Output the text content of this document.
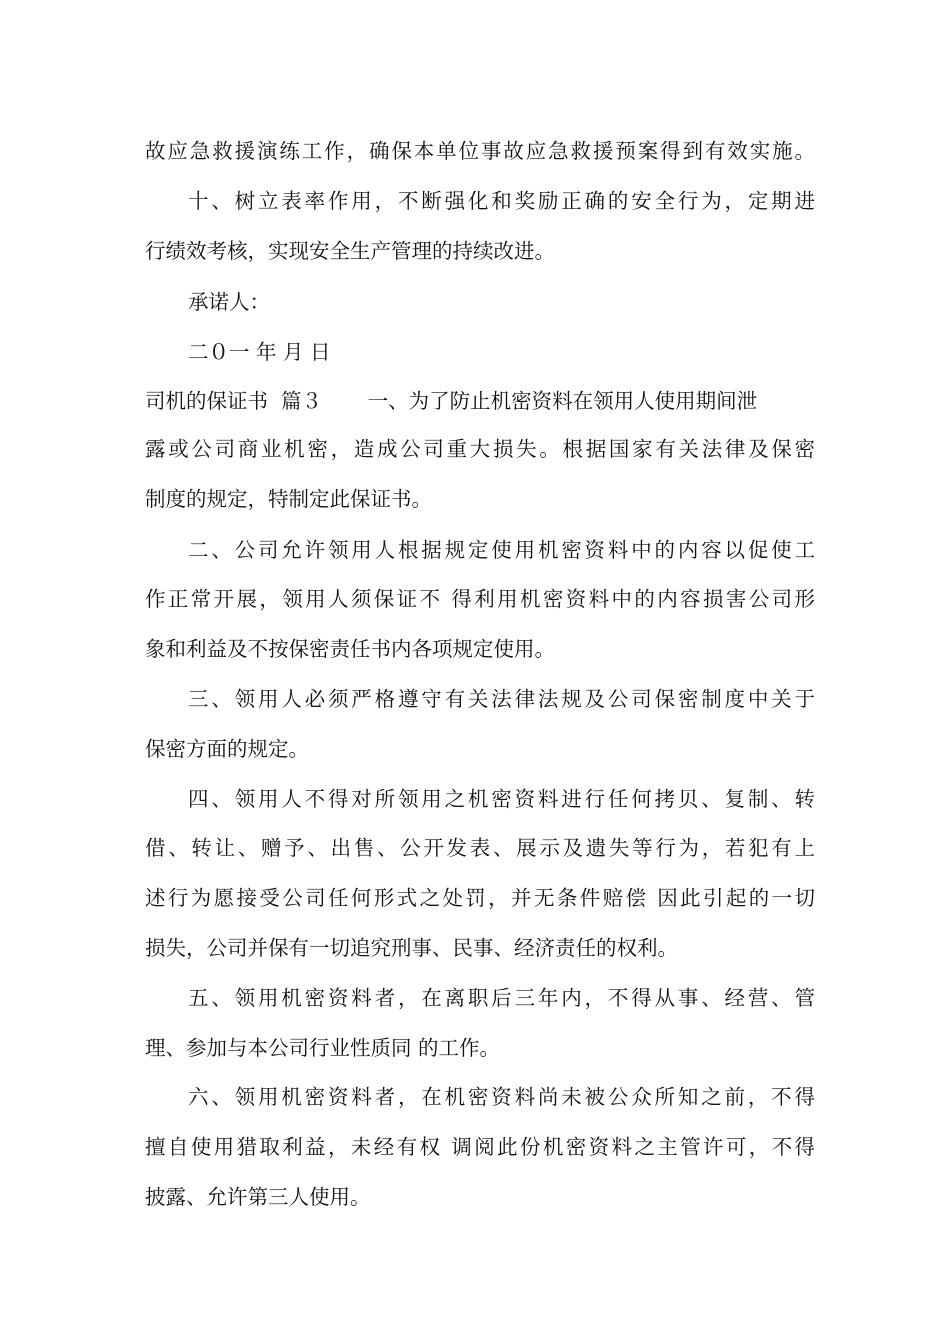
故应急救援演练工作，确保本单位事故应急救援预案得到有效实施。
十、树立表率作用，不断强化和奖励正确的安全行为，定期进
行绩效考核，实现安全生产管理的持续改进。
承诺人：
二０一 年 月 日
司机的保证书  篇３       一、为了防止机密资料在领用人使用期间泄
露或公司商业机密，造成公司重大损失。根据国家有关法律及保密
制度的规定，特制定此保证书。
二、公司允许领用人根据规定使用机密资料中的内容以促使工
作正常开展，领用人须保证不 得利用机密资料中的内容损害公司形
象和利益及不按保密责任书内各项规定使用。
三、领用人必须严格遵守有关法律法规及公司保密制度中关于
保密方面的规定。
四、领用人不得对所领用之机密资料进行任何拷贝、复制、转
借、转让、赠予、出售、公开发表、展示及遗失等行为，若犯有上
述行为愿接受公司任何形式之处罚，并无条件赔偿 因此引起的一切
损失，公司并保有一切追究刑事、民事、经济责任的权利。
五、领用机密资料者，在离职后三年内，不得从事、经营、管
理、参加与本公司行业性质同 的工作。
六、领用机密资料者，在机密资料尚未被公众所知之前，不得
擅自使用猎取利益，未经有权 调阅此份机密资料之主管许可，不得
披露、允许第三人使用。
